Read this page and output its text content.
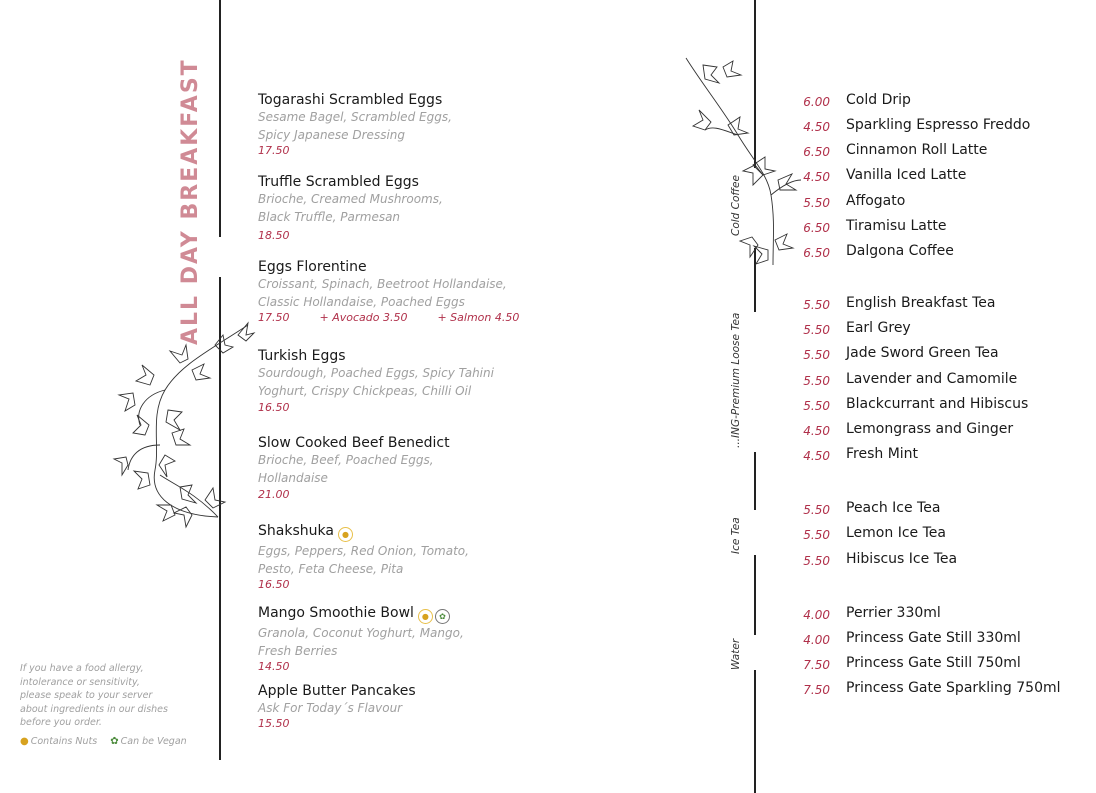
ALL DAY BREAKFAST	Togarashi Scrambled Eggs
Sesame Bagel, Scrambled Eggs,
Spicy Japanese Dressing
17.50
Truffle Scrambled Eggs
Brioche, Creamed Mushrooms,
Black Truffle, Parmesan
18.50
Eggs Florentine
Croissant, Spinach, Beetroot Hollandaise,
Classic Hollandaise, Poached Eggs
17.50	+ Avocado 3.50	+ Salmon 4.50
Turkish Eggs
Sourdough, Poached Eggs, Spicy Tahini
Yoghurt, Crispy Chickpeas, Chilli Oil
16.50
Slow Cooked Beef Benedict
Brioche, Beef, Poached Eggs,
Hollandaise
21.00
Shakshuka ●
Eggs, Peppers, Red Onion, Tomato,
Pesto, Feta Cheese, Pita
16.50
Mango Smoothie Bowl ● ✿
Granola, Coconut Yoghurt, Mango,
Fresh Berries
14.50
Apple Butter Pancakes
Ask For Today´s Flavour
15.50
If you have a food allergy,
intolerance or sensitivity,
please speak to your server
about ingredients in our dishes
before you order.
● Contains Nuts ✿ Can be Vegan
Cold Coffee
...ING-Premium Loose Tea
Ice Tea
Water
6.00 Cold Drip
4.50 Sparkling Espresso Freddo
6.50 Cinnamon Roll Latte
4.50 Vanilla Iced Latte
5.50 Affogato
6.50 Tiramisu Latte
6.50 Dalgona Coffee
5.50 English Breakfast Tea
5.50 Earl Grey
5.50 Jade Sword Green Tea
5.50 Lavender and Camomile
5.50 Blackcurrant and Hibiscus
4.50 Lemongrass and Ginger
4.50 Fresh Mint
5.50 Peach Ice Tea
5.50 Lemon Ice Tea
5.50 Hibiscus Ice Tea
4.00 Perrier 330ml
4.00 Princess Gate Still 330ml
7.50 Princess Gate Still 750ml
7.50 Princess Gate Sparkling 750ml
